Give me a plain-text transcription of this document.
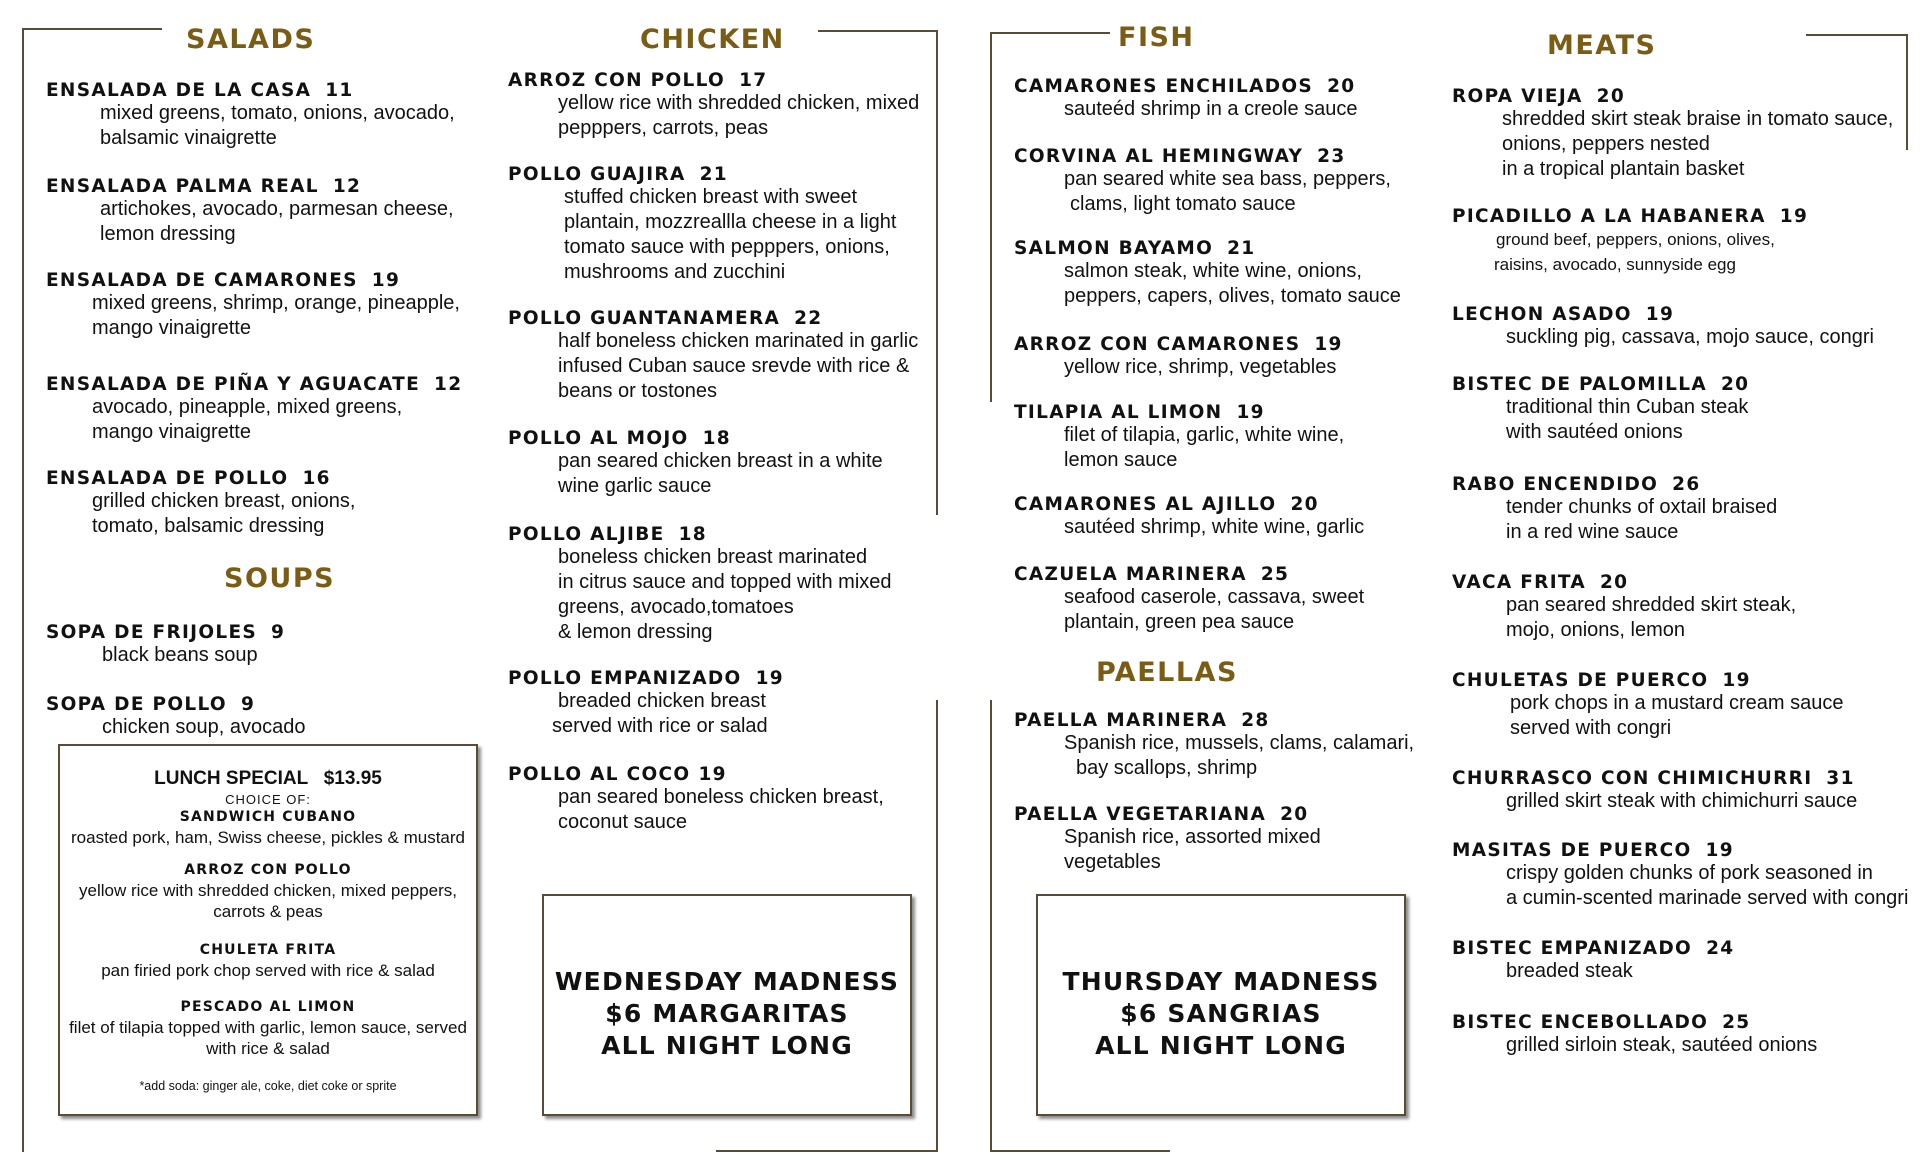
SALADS
SOUPS
CHICKEN	FISH
PAELLAS
MEATS
ENSALADA DE LA CASA 11
mixed greens, tomato, onions, avocado,
balsamic vinaigrette
ENSALADA PALMA REAL 12
artichokes, avocado, parmesan cheese,
lemon dressing
ENSALADA DE CAMARONES 19
mixed greens, shrimp, orange, pineapple,
mango vinaigrette
ENSALADA DE PIÑA Y AGUACATE 12
avocado, pineapple, mixed greens,
mango vinaigrette
ENSALADA DE POLLO 16
grilled chicken breast, onions,
tomato, balsamic dressing
SOPA DE FRIJOLES 9
black beans soup
SOPA DE POLLO 9
chicken soup, avocado
LUNCH SPECIAL   $13.95
CHOICE OF:
SANDWICH CUBANO
roasted pork, ham, Swiss cheese, pickles & mustard
ARROZ CON POLLO
yellow rice with shredded chicken, mixed peppers,
carrots & peas
CHULETA FRITA
pan firied pork chop served with rice & salad
PESCADO AL LIMON
filet of tilapia topped with garlic, lemon sauce, served
with rice & salad
*add soda: ginger ale, coke, diet coke or sprite
ARROZ CON POLLO 17
yellow rice with shredded chicken, mixed
pepppers, carrots, peas
POLLO GUAJIRA 21
stuffed chicken breast with sweet
plantain, mozzreallla cheese in a light
tomato sauce with pepppers, onions,
mushrooms and zucchini
POLLO GUANTANAMERA 22
half boneless chicken marinated in garlic
infused Cuban sauce srevde with rice &
beans or tostones
POLLO AL MOJO 18
pan seared chicken breast in a white
wine garlic sauce
POLLO ALJIBE 18
boneless chicken breast marinated
in citrus sauce and topped with mixed
greens, avocado,tomatoes
& lemon dressing
POLLO EMPANIZADO 19
breaded chicken breast
served with rice or salad
POLLO AL COCO 19
pan seared boneless chicken breast,
coconut sauce
WEDNESDAY MADNESS
$6 MARGARITAS
ALL NIGHT LONG
CAMARONES ENCHILADOS 20
sauteéd shrimp in a creole sauce
CORVINA AL HEMINGWAY 23
pan seared white sea bass, peppers,
clams, light tomato sauce
SALMON BAYAMO 21
salmon steak, white wine, onions,
peppers, capers, olives, tomato sauce
ARROZ CON CAMARONES 19
yellow rice, shrimp, vegetables
TILAPIA AL LIMON 19
filet of tilapia, garlic, white wine,
lemon sauce
CAMARONES AL AJILLO 20
sautéed shrimp, white wine, garlic
CAZUELA MARINERA 25
seafood caserole, cassava, sweet
plantain, green pea sauce
PAELLA MARINERA 28
Spanish rice, mussels, clams, calamari,
bay scallops, shrimp
PAELLA VEGETARIANA 20
Spanish rice, assorted mixed
vegetables
THURSDAY MADNESS
$6 SANGRIAS
ALL NIGHT LONG
ROPA VIEJA 20
shredded skirt steak braise in tomato sauce,
onions, peppers nested
in a tropical plantain basket
PICADILLO A LA HABANERA 19
ground beef, peppers, onions, olives,
raisins, avocado, sunnyside egg
LECHON ASADO 19
suckling pig, cassava, mojo sauce, congri
BISTEC DE PALOMILLA 20
traditional thin Cuban steak
with sautéed onions
RABO ENCENDIDO 26
tender chunks of oxtail braised
in a red wine sauce
VACA FRITA 20
pan seared shredded skirt steak,
mojo, onions, lemon
CHULETAS DE PUERCO 19
pork chops in a mustard cream sauce
served with congri
CHURRASCO CON CHIMICHURRI 31
grilled skirt steak with chimichurri sauce
MASITAS DE PUERCO 19
crispy golden chunks of pork seasoned in
a cumin-scented marinade served with congri
BISTEC EMPANIZADO 24
breaded steak
BISTEC ENCEBOLLADO 25
grilled sirloin steak, sautéed onions
